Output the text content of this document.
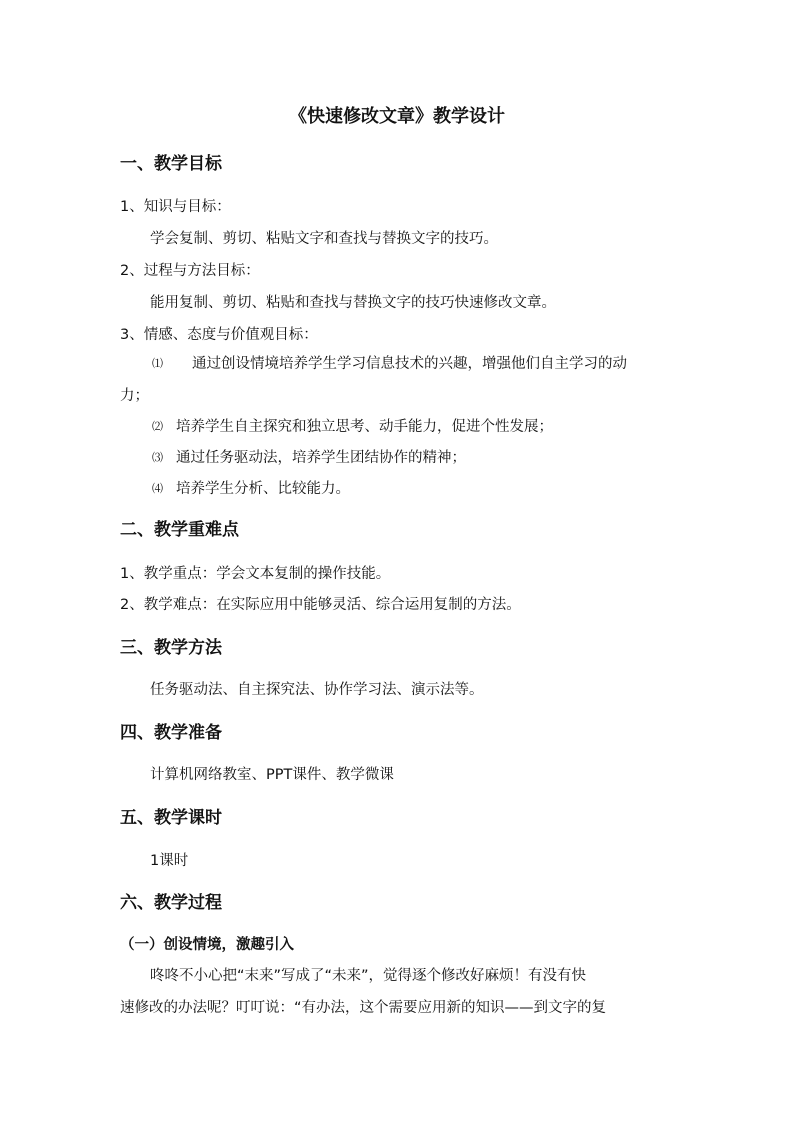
《快速修改文章》教学设计
一、教学目标
1、知识与目标：
学会复制、剪切、粘贴文字和查找与替换文字的技巧。
2、过程与方法目标：
能用复制、剪切、粘贴和查找与替换文字的技巧快速修改文章。
3、情感、态度与价值观目标：
⑴ 通过创设情境培养学生学习信息技术的兴趣，增强他们自主学习的动
力；
⑵ 培养学生自主探究和独立思考、动手能力，促进个性发展；
⑶ 通过任务驱动法，培养学生团结协作的精神；
⑷ 培养学生分析、比较能力。
二、教学重难点
1、教学重点：学会文本复制的操作技能。
2、教学难点：在实际应用中能够灵活、综合运用复制的方法。
三、教学方法
任务驱动法、自主探究法、协作学习法、演示法等。
四、教学准备
计算机网络教室、PPT课件、教学微课
五、教学课时
1课时
六、教学过程
（一）创设情境，激趣引入
咚咚不小心把“末来”写成了“未来”，觉得逐个修改好麻烦！有没有快
速修改的办法呢？叮叮说：“有办法，这个需要应用新的知识——到文字的复
